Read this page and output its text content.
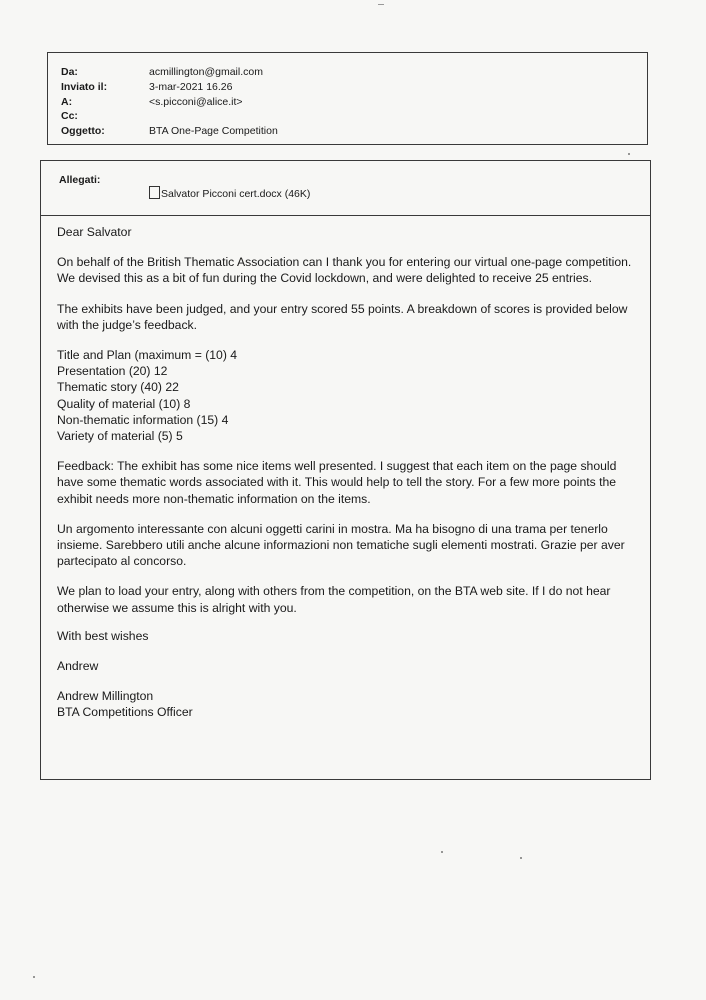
Da:	acmillington@gmail.com
Inviato il:	3-mar-2021 16.26
A:	<s.picconi@alice.it>
Cc:
Oggetto:	BTA One-Page Competition
Allegati:
Salvator Picconi cert.docx (46K)

Dear Salvator

On behalf of the British Thematic Association can I thank you for entering our virtual one-page competition. We devised this as a bit of fun during the Covid lockdown, and were delighted to receive 25 entries.

The exhibits have been judged, and your entry scored 55 points. A breakdown of scores is provided below with the judge’s feedback.

Title and Plan (maximum = (10) 4

Presentation (20) 12

Thematic story (40) 22

Quality of material (10) 8

Non-thematic information (15) 4

Variety of material (5) 5

Feedback: The exhibit has some nice items well presented. I suggest that each item on the page should have some thematic words associated with it. This would help to tell the story. For a few more points the exhibit needs more non-thematic information on the items.

Un argomento interessante con alcuni oggetti carini in mostra. Ma ha bisogno di una trama per tenerlo insieme. Sarebbero utili anche alcune informazioni non tematiche sugli elementi mostrati. Grazie per aver partecipato al concorso.

We plan to load your entry, along with others from the competition, on the BTA web site. If I do not hear otherwise we assume this is alright with you.

With best wishes

Andrew

Andrew Millington

BTA Competitions Officer
